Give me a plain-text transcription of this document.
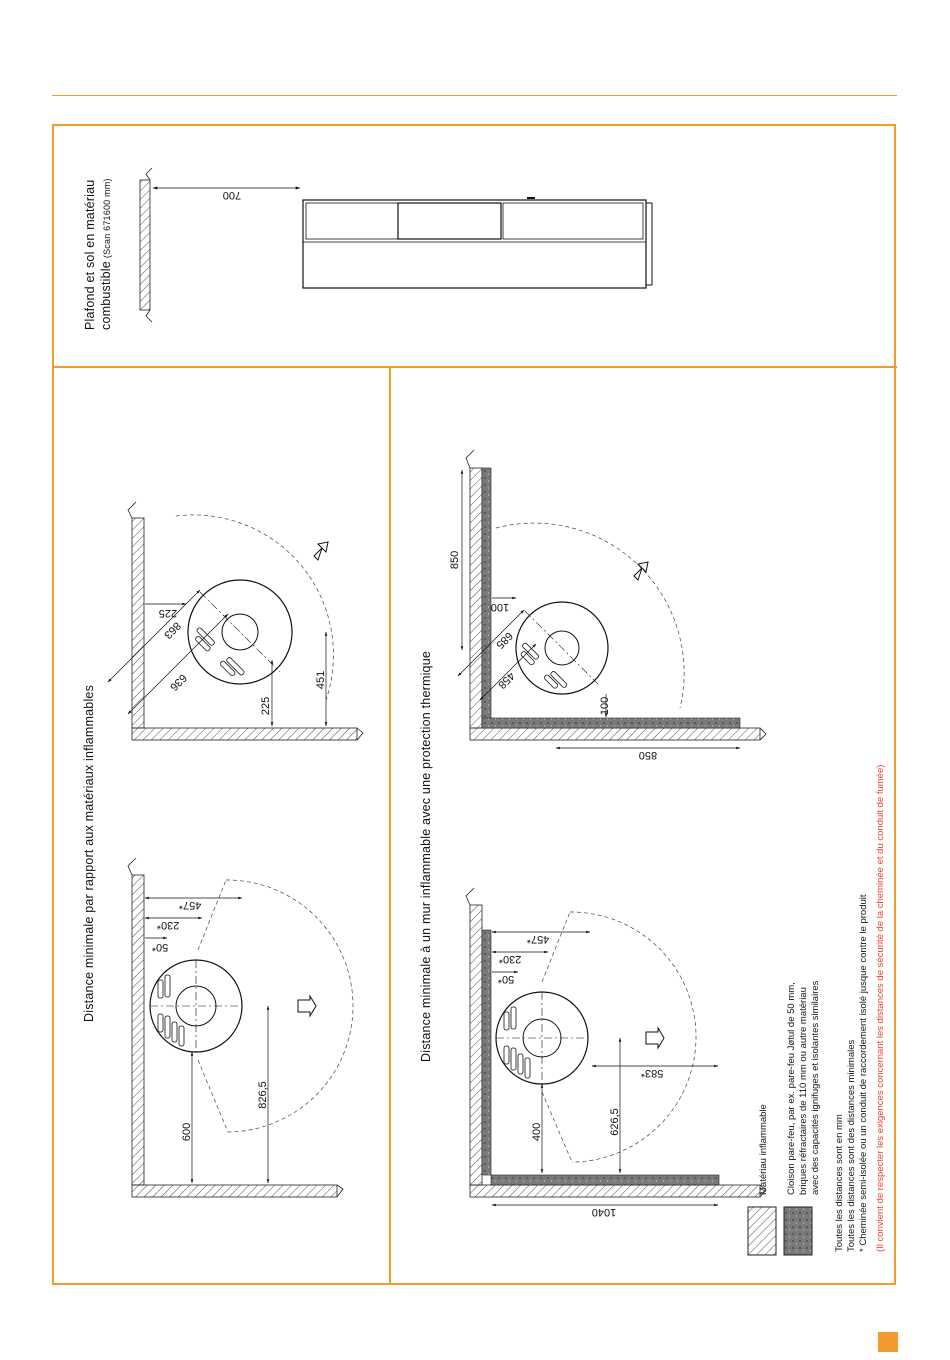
Plafond et sol en matériau combustible(Scan 671600 mm)	700
Distance minimale par rapport aux matériaux inflammables	50*
230*
457*
600
826,5
225
863
636
225
451	Distance minimale à un mur inflammable avec une protection thermique
850
100
685
458
100
850
457*
230*
50*
583*
400	626,5
1040
Matériau inflammable Cloison pare-feu, par ex. pare-feu Jøtul de 50 mm, briques réfractaires de 110 mm ou autre matériau avec des capacités ignifuges et isolantes similaires Toutes les distances sont en mm Toutes les distances sont des distances minimales * Cheminée semi-isolée ou un conduit de raccordement isolé jusque contre le produit (Il convient de respecter les exigences concernant les distances de sécurité de la cheminée et du conduit de fumée)
